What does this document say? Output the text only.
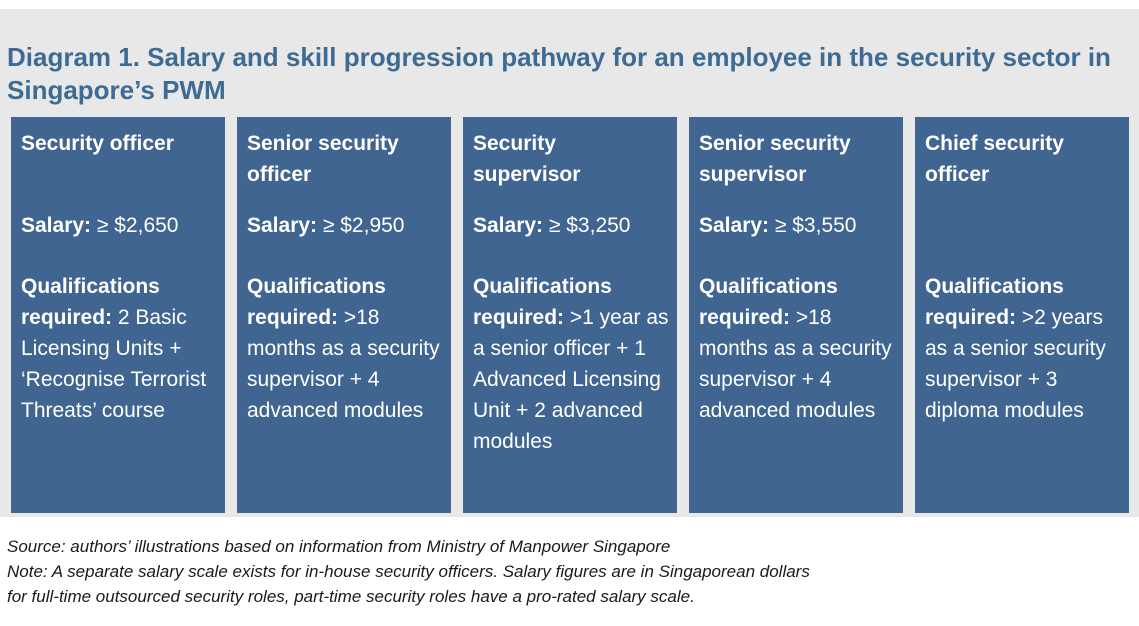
Diagram 1. Salary and skill progression pathway for an employee in the security sector in Singapore’s PWM
Security officer
Salary: ≥ $2,650
Qualifications required: 2 Basic Licensing Units + ‘Recognise Terrorist Threats’ course
Senior security officer
Salary: ≥ $2,950
Qualifications required: >18 months as a security supervisor + 4 advanced modules
Security supervisor
Salary: ≥ $3,250
Qualifications required: >1 year as a senior officer + 1 Advanced Licensing Unit + 2 advanced modules
Senior security supervisor
Salary: ≥ $3,550
Qualifications required: >18 months as a security supervisor + 4 advanced modules
Chief security officer
Qualifications required: >2 years as a senior security supervisor + 3 diploma modules
Source: authors’ illustrations based on information from Ministry of Manpower Singapore
Note: A separate salary scale exists for in-house security officers. Salary figures are in Singaporean dollars
for full-time outsourced security roles, part-time security roles have a pro-rated salary scale.
